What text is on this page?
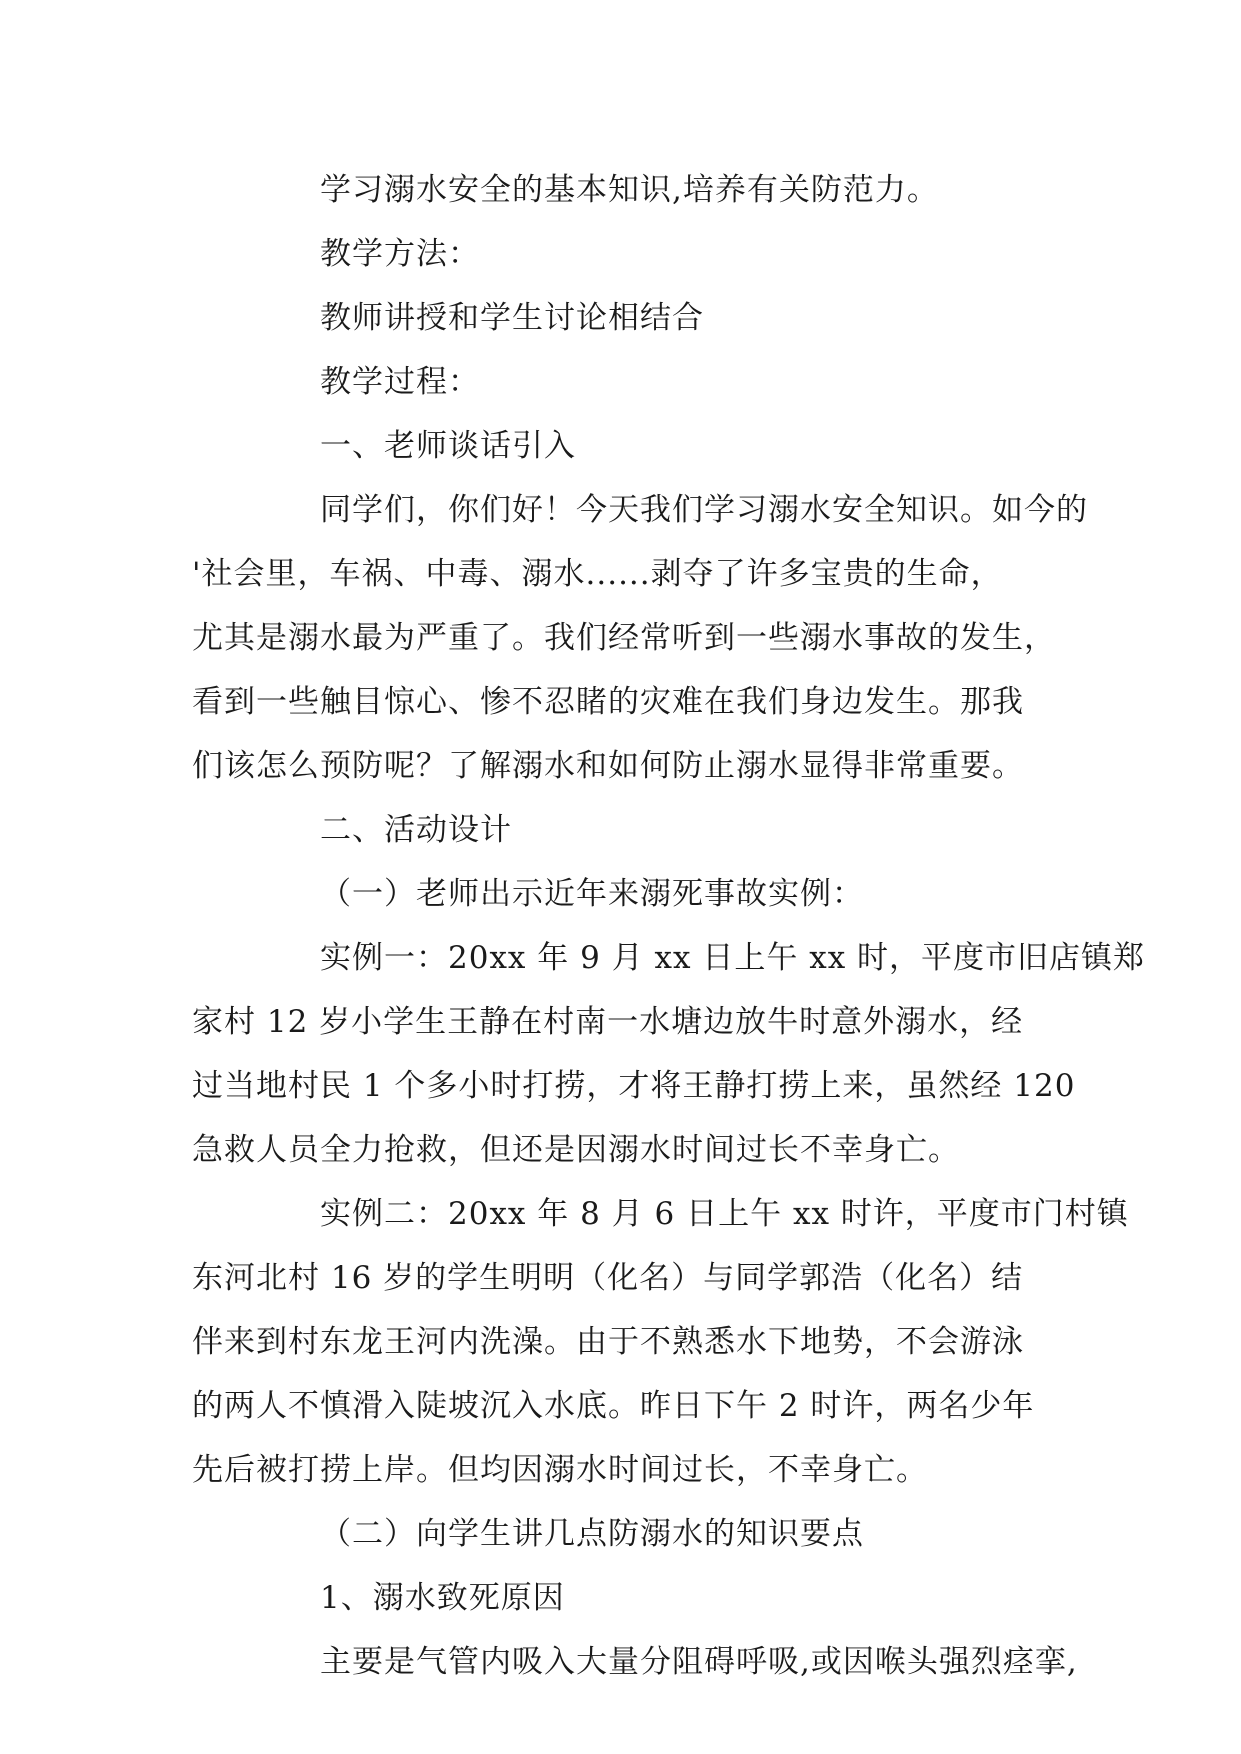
学习溺水安全的基本知识,培养有关防范力。

教学方法：

教师讲授和学生讨论相结合

教学过程：

一、老师谈话引入

同学们，你们好！今天我们学习溺水安全知识。如今的
'社会里，车祸、中毒、溺水......剥夺了许多宝贵的生命，
尤其是溺水最为严重了。我们经常听到一些溺水事故的发生，
看到一些触目惊心、惨不忍睹的灾难在我们身边发生。那我
们该怎么预防呢？了解溺水和如何防止溺水显得非常重要。

二、活动设计

（一）老师出示近年来溺死事故实例：

实例一：20xx 年 9 月 xx 日上午 xx 时，平度市旧店镇郑
家村 12 岁小学生王静在村南一水塘边放牛时意外溺水，经
过当地村民 1 个多小时打捞，才将王静打捞上来，虽然经 120
急救人员全力抢救，但还是因溺水时间过长不幸身亡。

实例二：20xx 年 8 月 6 日上午 xx 时许，平度市门村镇
东河北村 16 岁的学生明明（化名）与同学郭浩（化名）结
伴来到村东龙王河内洗澡。由于不熟悉水下地势，不会游泳
的两人不慎滑入陡坡沉入水底。昨日下午 2 时许，两名少年
先后被打捞上岸。但均因溺水时间过长，不幸身亡。

（二）向学生讲几点防溺水的知识要点

1、溺水致死原因

主要是气管内吸入大量分阻碍呼吸,或因喉头强烈痉挛,
